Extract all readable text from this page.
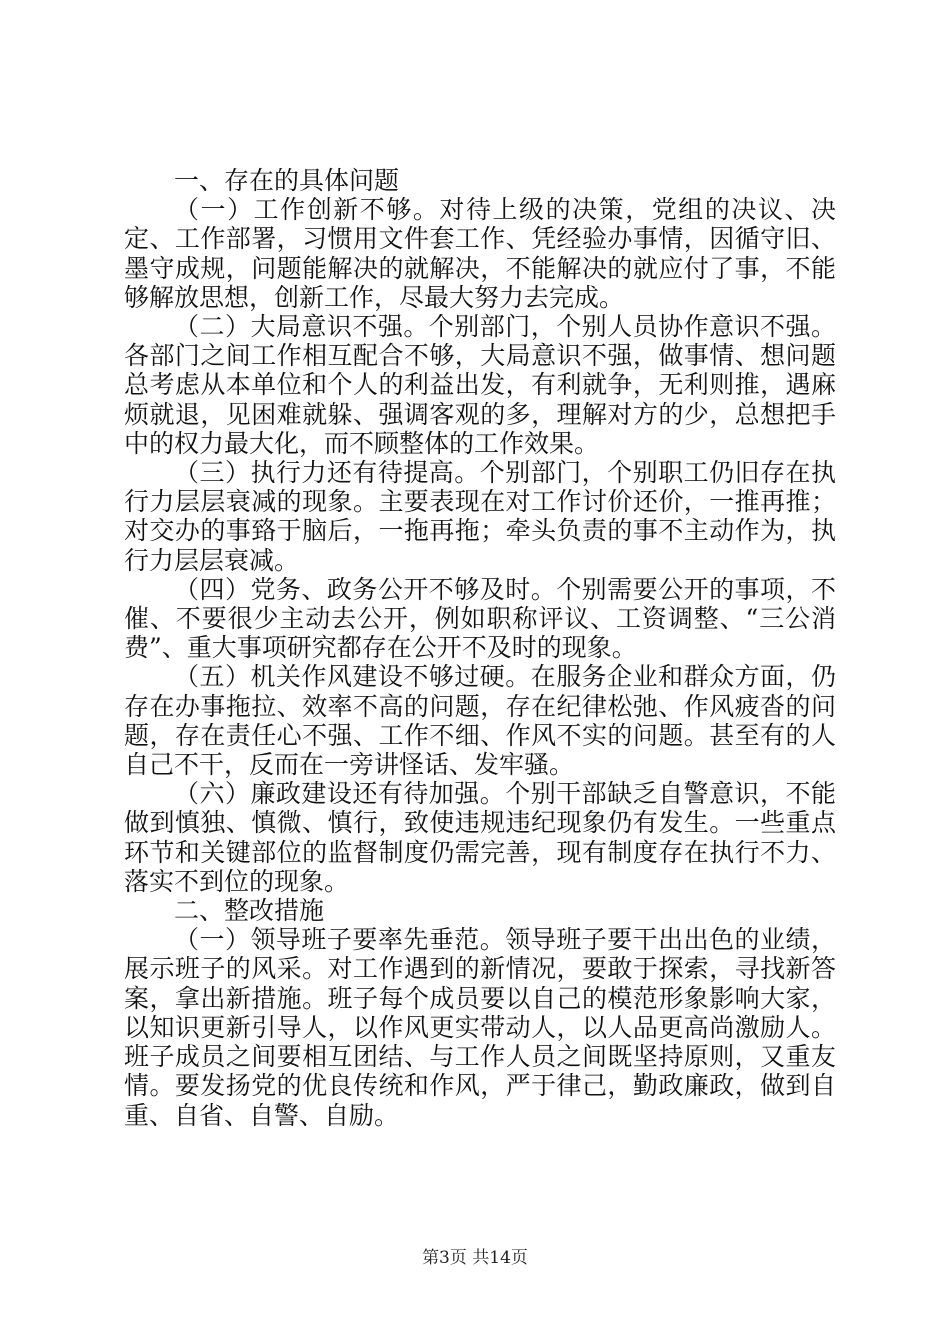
一、存在的具体问题

（一）工作创新不够。对待上级的决策，党组的决议、决定、工作部署，习惯用文件套工作、凭经验办事情，因循守旧、墨守成规，问题能解决的就解决，不能解决的就应付了事，不能够解放思想，创新工作，尽最大努力去完成。

（二）大局意识不强。个别部门，个别人员协作意识不强。各部门之间工作相互配合不够，大局意识不强，做事情、想问题总考虑从本单位和个人的利益出发，有利就争，无利则推，遇麻烦就退，见困难就躲、强调客观的多，理解对方的少，总想把手中的权力最大化，而不顾整体的工作效果。

（三）执行力还有待提高。个别部门，个别职工仍旧存在执行力层层衰减的现象。主要表现在对工作讨价还价，一推再推；对交办的事臵于脑后，一拖再拖；牵头负责的事不主动作为，执行力层层衰减。

（四）党务、政务公开不够及时。个别需要公开的事项，不催、不要很少主动去公开，例如职称评议、工资调整、“三公消费”、重大事项研究都存在公开不及时的现象。

（五）机关作风建设不够过硬。在服务企业和群众方面，仍存在办事拖拉、效率不高的问题，存在纪律松弛、作风疲沓的问题，存在责任心不强、工作不细、作风不实的问题。甚至有的人自己不干，反而在一旁讲怪话、发牢骚。

（六）廉政建设还有待加强。个别干部缺乏自警意识，不能做到慎独、慎微、慎行，致使违规违纪现象仍有发生。一些重点环节和关键部位的监督制度仍需完善，现有制度存在执行不力、落实不到位的现象。

二、整改措施

（一）领导班子要率先垂范。领导班子要干出出色的业绩，展示班子的风采。对工作遇到的新情况，要敢于探索，寻找新答案，拿出新措施。班子每个成员要以自己的模范形象影响大家，以知识更新引导人，以作风更实带动人，以人品更高尚激励人。班子成员之间要相互团结、与工作人员之间既坚持原则，又重友情。要发扬党的优良传统和作风，严于律己，勤政廉政，做到自重、自省、自警、自励。

第3页 共14页
